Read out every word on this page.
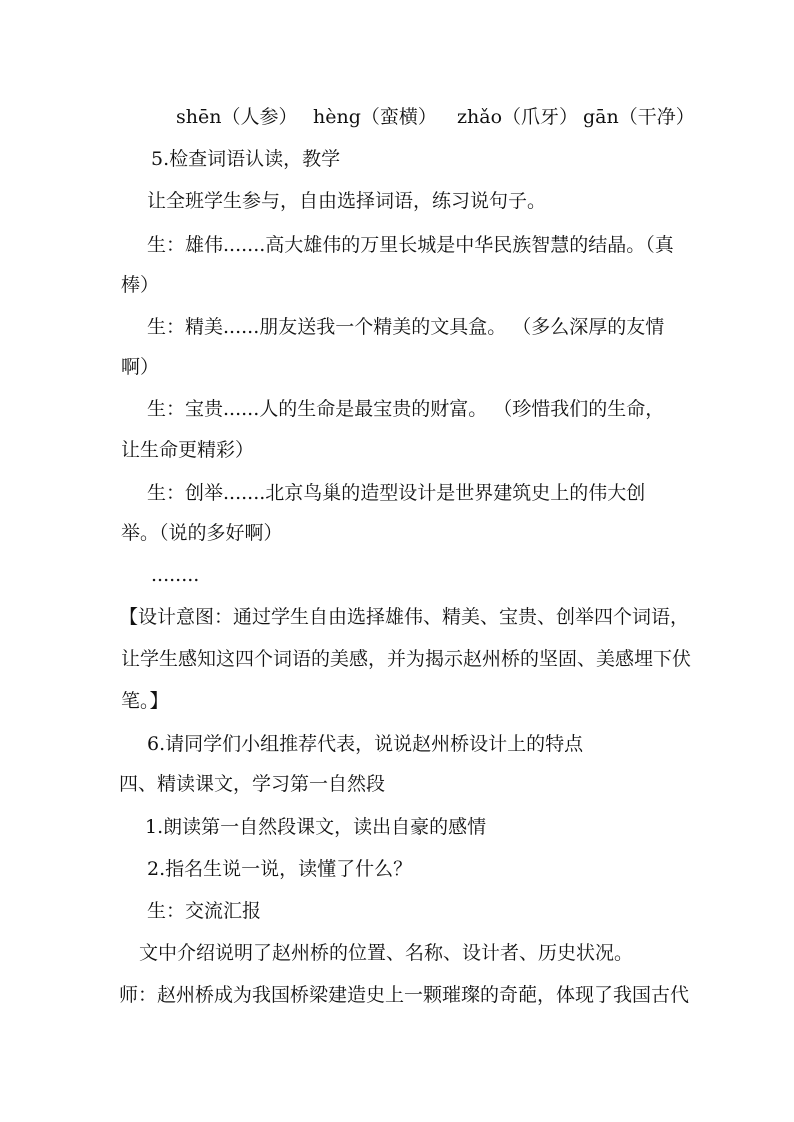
shēn（人参） hèng（蛮横） zhǎo（爪牙） gān（干净）
5.检查词语认读，教学
让全班学生参与，自由选择词语，练习说句子。
生：雄伟.......高大雄伟的万里长城是中华民族智慧的结晶。（真
棒）
生：精美......朋友送我一个精美的文具盒。 （多么深厚的友情
啊）
生：宝贵......人的生命是最宝贵的财富。 （珍惜我们的生命，
让生命更精彩）
生：创举.......北京鸟巢的造型设计是世界建筑史上的伟大创
举。（说的多好啊）
........
【设计意图：通过学生自由选择雄伟、精美、宝贵、创举四个词语，
让学生感知这四个词语的美感，并为揭示赵州桥的坚固、美感埋下伏
笔。】
6.请同学们小组推荐代表，说说赵州桥设计上的特点
四、精读课文，学习第一自然段
1.朗读第一自然段课文，读出自豪的感情
2.指名生说一说，读懂了什么？
生：交流汇报
文中介绍说明了赵州桥的位置、名称、设计者、历史状况。
师：赵州桥成为我国桥梁建造史上一颗璀璨的奇葩，体现了我国古代
